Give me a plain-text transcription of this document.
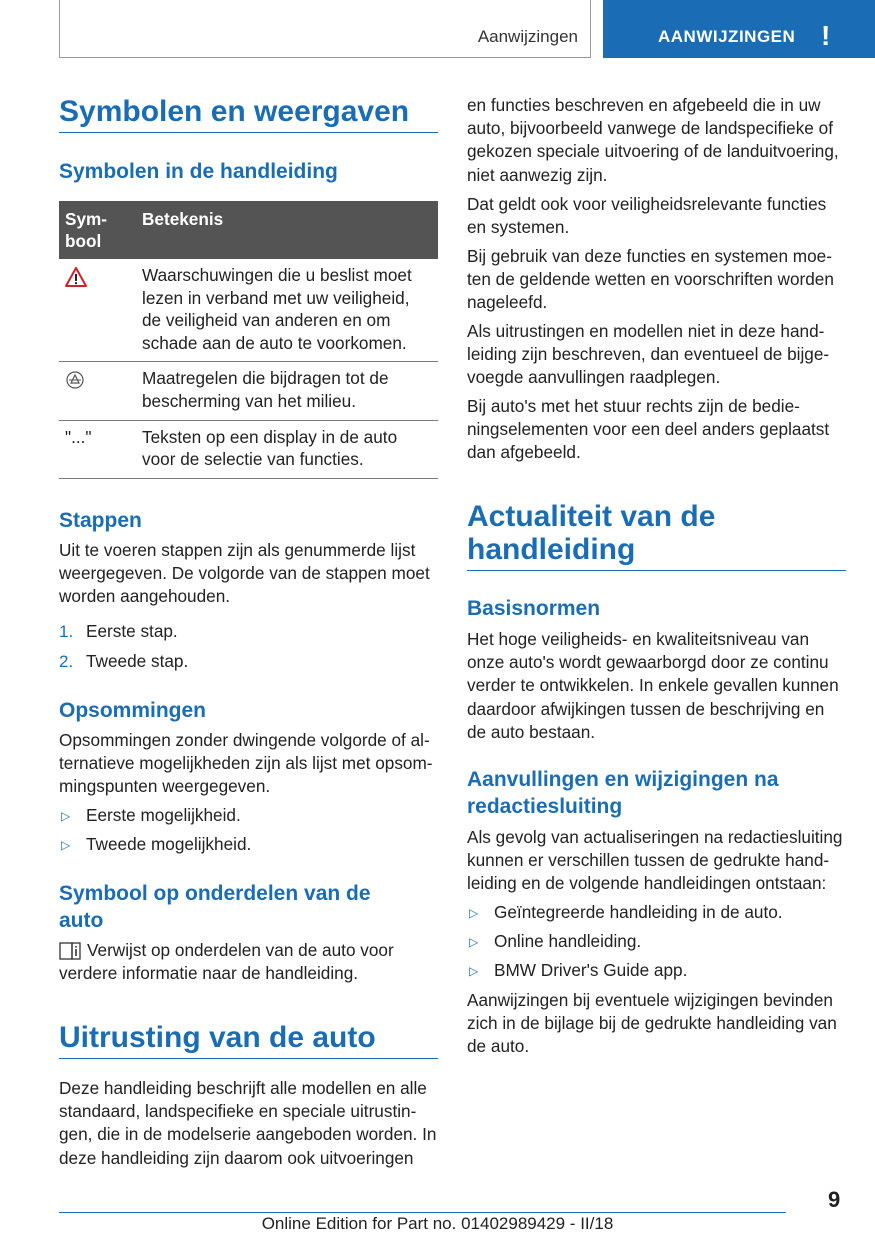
Aanwijzingen	AANWIJZINGEN !
Symbolen en weergaven
Symbolen in de handleiding
Sym-
bool	Betekenis
	Waarschuwingen die u beslist moet lezen in verband met uw veiligheid, de veiligheid van anderen en om schade aan de auto te voorkomen.
	Maatregelen die bijdragen tot de bescherming van het milieu.
"..."	Teksten op een display in de auto voor de selectie van functies.
Stappen

Uit te voeren stappen zijn als genummerde lijst weergegeven. De volgorde van de stappen moet worden aangehouden.

1. Eerste stap.
2. Tweede stap.
Opsommingen

Opsommingen zonder dwingende volgorde of alternatieve mogelijkheden zijn als lijst met opsommingspunten weergegeven.

▷ Eerste mogelijkheid.
▷ Tweede mogelijkheid.
Symbool op onderdelen van de
auto

Verwijst op onderdelen van de auto voor verdere informatie naar de handleiding.

Uitrusting van de auto

Deze handleiding beschrijft alle modellen en alle standaard, landspecifieke en speciale uitrustingen, die in de modelserie aangeboden worden. In deze handleiding zijn daarom ook uitvoeringen

en functies beschreven en afgebeeld die in uw auto, bijvoorbeeld vanwege de landspecifieke of gekozen speciale uitvoering of de landuitvoering, niet aanwezig zijn.

Dat geldt ook voor veiligheidsrelevante functies en systemen.

Bij gebruik van deze functies en systemen moeten de geldende wetten en voorschriften worden nageleefd.

Als uitrustingen en modellen niet in deze handleiding zijn beschreven, dan eventueel de bijgevoegde aanvullingen raadplegen.

Bij auto's met het stuur rechts zijn de bedieningselementen voor een deel anders geplaatst dan afgebeeld.

Actualiteit van de
handleiding
Basisnormen

Het hoge veiligheids- en kwaliteitsniveau van onze auto's wordt gewaarborgd door ze continu verder te ontwikkelen. In enkele gevallen kunnen daardoor afwijkingen tussen de beschrijving en de auto bestaan.

Aanvullingen en wijzigingen na
redactiesluiting

Als gevolg van actualiseringen na redactiesluiting kunnen er verschillen tussen de gedrukte handleiding en de volgende handleidingen ontstaan:

▷ Geïntegreerde handleiding in de auto.
▷ Online handleiding.
▷ BMW Driver's Guide app.

Aanwijzingen bij eventuele wijzigingen bevinden zich in de bijlage bij de gedrukte handleiding van de auto.

9
Online Edition for Part no. 01402989429 - II/18
